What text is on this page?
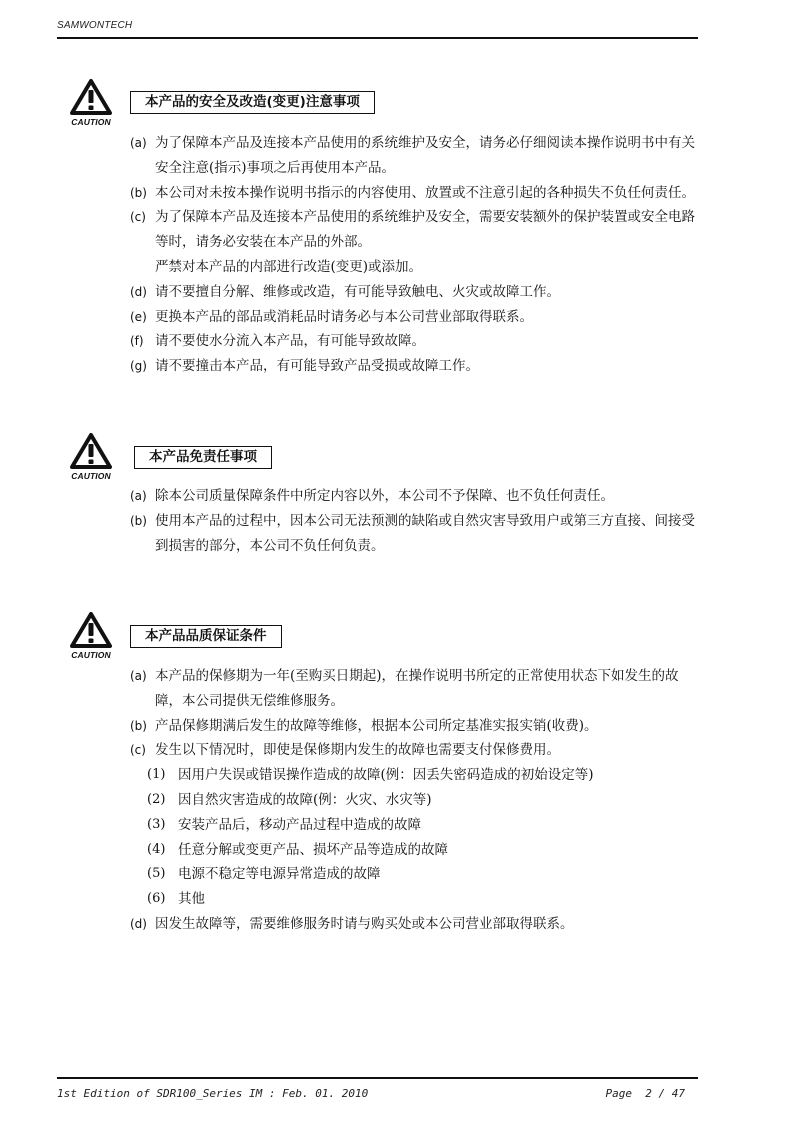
SAMWONTECH
CAUTION
本产品的安全及改造(变更)注意事项
(a) 为了保障本产品及连接本产品使用的系统维护及安全，请务必仔细阅读本操作说明书中有关安全注意(指示)事项之后再使用本产品。
(b) 本公司对未按本操作说明书指示的内容使用、放置或不注意引起的各种损失不负任何责任。
(c) 为了保障本产品及连接本产品使用的系统维护及安全，需要安装额外的保护装置或安全电路等时，请务必安装在本产品的外部。
严禁对本产品的内部进行改造(变更)或添加。
(d) 请不要擅自分解、维修或改造，有可能导致触电、火灾或故障工作。
(e) 更换本产品的部品或消耗品时请务必与本公司营业部取得联系。
(f) 请不要使水分流入本产品，有可能导致故障。
(g) 请不要撞击本产品，有可能导致产品受损或故障工作。
CAUTION
本产品免责任事项
(a) 除本公司质量保障条件中所定内容以外，本公司不予保障、也不负任何责任。
(b) 使用本产品的过程中，因本公司无法预测的缺陷或自然灾害导致用户或第三方直接、间接受到损害的部分，本公司不负任何负责。
CAUTION
本产品品质保证条件
(a) 本产品的保修期为一年(至购买日期起)，在操作说明书所定的正常使用状态下如发生的故障，本公司提供无偿维修服务。
(b) 产品保修期满后发生的故障等维修，根据本公司所定基准实报实销(收费)。
(c) 发生以下情况时，即使是保修期内发生的故障也需要支付保修费用。
(1) 因用户失误或错误操作造成的故障(例：因丢失密码造成的初始设定等)
(2) 因自然灾害造成的故障(例：火灾、水灾等)
(3) 安装产品后，移动产品过程中造成的故障
(4) 任意分解或变更产品、损坏产品等造成的故障
(5) 电源不稳定等电源异常造成的故障
(6) 其他
(d) 因发生故障等，需要维修服务时请与购买处或本公司营业部取得联系。
1st Edition of SDR100_Series IM : Feb. 01. 2010	Page  2 / 47
